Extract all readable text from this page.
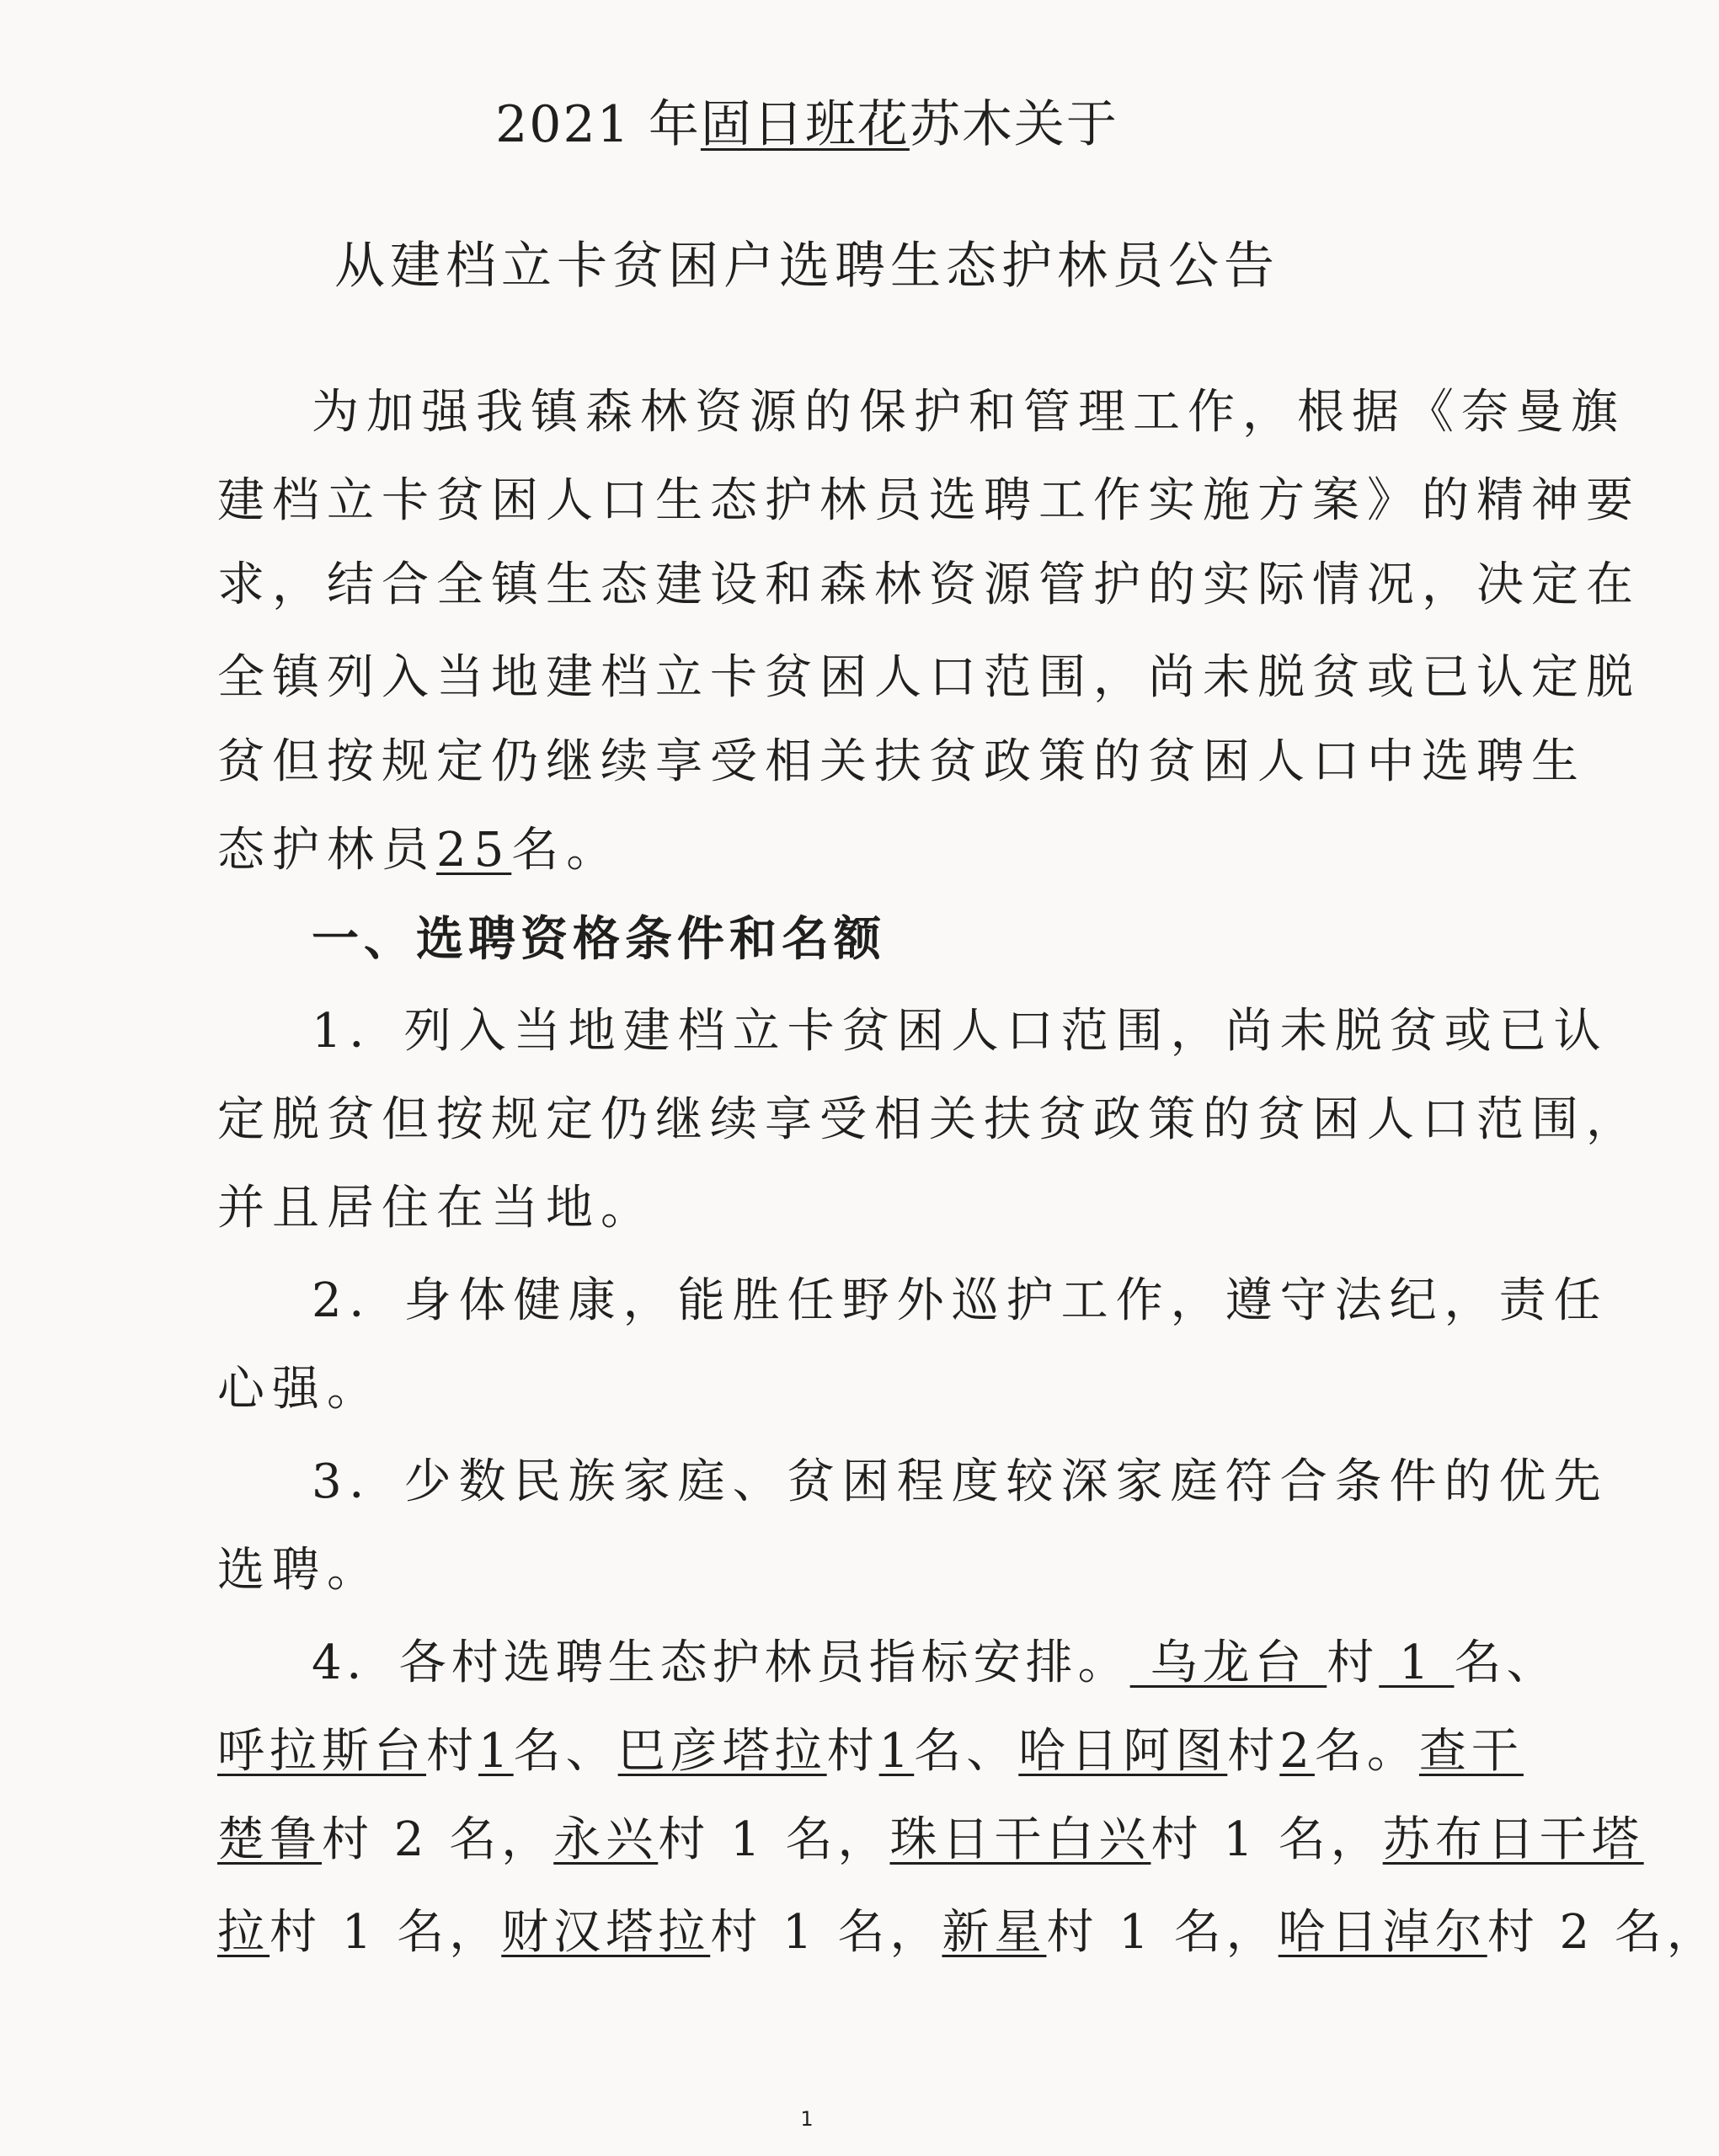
2021 年固日班花苏木关于
从建档立卡贫困户选聘生态护林员公告
为加强我镇森林资源的保护和管理工作，根据《奈曼旗
建档立卡贫困人口生态护林员选聘工作实施方案》的精神要
求，结合全镇生态建设和森林资源管护的实际情况，决定在
全镇列入当地建档立卡贫困人口范围，尚未脱贫或已认定脱
贫但按规定仍继续享受相关扶贫政策的贫困人口中选聘生
态护林员25名。
一、选聘资格条件和名额
1．列入当地建档立卡贫困人口范围，尚未脱贫或已认
定脱贫但按规定仍继续享受相关扶贫政策的贫困人口范围，
并且居住在当地。
2．身体健康，能胜任野外巡护工作，遵守法纪，责任
心强。
3．少数民族家庭、贫困程度较深家庭符合条件的优先
选聘。
4．各村选聘生态护林员指标安排。 乌龙台 村 1 名、
呼拉斯台村1名、巴彦塔拉村1名、哈日阿图村2名。查干
楚鲁村 2 名，永兴村 1 名，珠日干白兴村 1 名，苏布日干塔
拉村 1 名，财汉塔拉村 1 名，新星村 1 名，哈日淖尔村 2 名，
1
